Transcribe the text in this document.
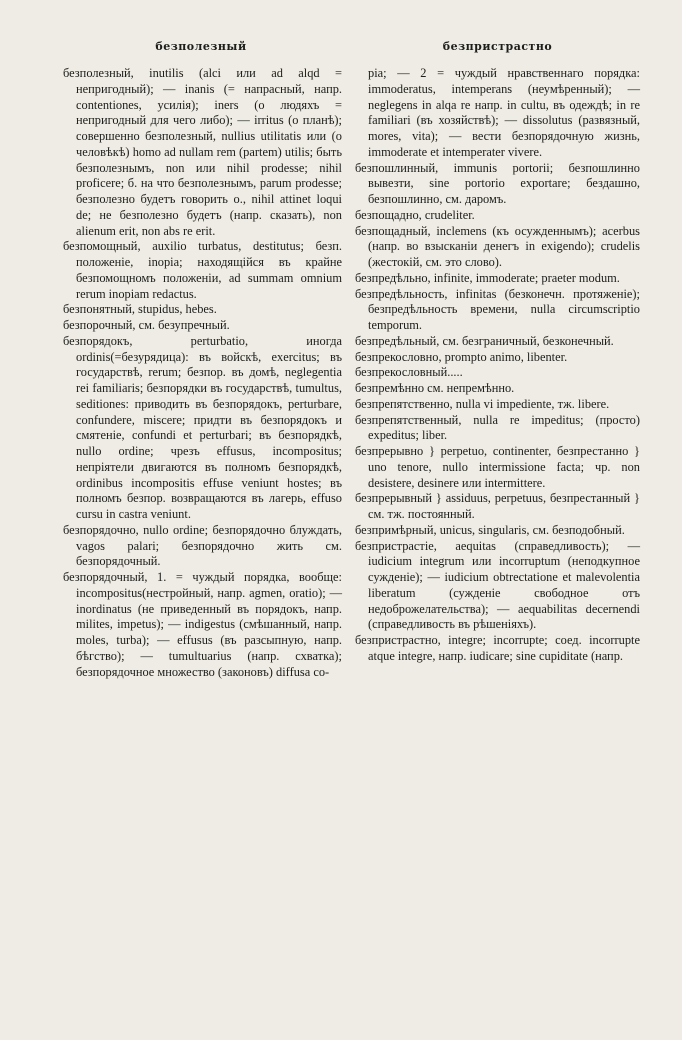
безполезный	безпристрастно

безполезный, inutilis (alci или ad alqd = непригодный); — inanis (= напрасный, напр. contentiones, усилія); iners (о людяхъ = непригодный для чего либо); — irritus (о планѣ); совершенно безполезный, nullius utilitatis или (о человѣкѣ) homo ad nullam rem (partem) utilis; быть безполезнымъ, non или nihil prodesse; nihil proficere; б. на что безполезнымъ, parum prodesse; безполезно будетъ говорить о., nihil attinet loqui de; не безполезно будетъ (напр. сказать), non alienum erit, non abs re erit.

безпомощный, auxilio turbatus, destitutus; безп. положеніе, inopia; находящійся въ крайне безпомощномъ положеніи, ad summam omnium rerum inopiam redactus.

безпонятный, stupidus, hebes.

безпорочный, см. безупречный.

безпорядокъ, perturbatio, иногда ordinis(=безурядица): въ войскѣ, exercitus; въ государствѣ, rerum; безпор. въ домѣ, neglegentia rei familiaris; безпорядки въ государствѣ, tumultus, seditiones: приводить въ безпорядокъ, perturbare, confundere, miscere; придти въ безпорядокъ и смятеніе, confundi et perturbari; въ безпорядкѣ, nullo ordine; чрезъ effusus, incompositus; непріятели двигаются въ полномъ безпорядкѣ, ordinibus incompositis effuse veniunt hostes; въ полномъ безпор. возвращаются въ лагерь, effuso cursu in castra veniunt.

безпорядочно, nullo ordine; безпорядочно блуждать, vagos palari; безпорядочно жить см. безпорядочный.

безпорядочный, 1. = чуждый порядка, вообще: incompositus(нестройный, напр. agmen, oratio); — inordinatus (не приведенный въ порядокъ, напр. milites, impetus); — indigestus (смѣшанный, напр. moles, turba); — effusus (въ разсыпную, напр. бѣгство); — tumultuarius (напр. схватка); безпорядочное множество (законовъ) diffusa co-

pia; — 2 = чуждый нравственнаго порядка: immoderatus, intemperans (неумѣренный); — neglegens in alqa re напр. in cultu, въ одеждѣ; in re familiari (въ хозяйствѣ); — dissolutus (развязный, mores, vita); — вести безпорядочную жизнь, immoderate et intemperater vivere.

безпошлинный, immunis portorii; безпошлинно вывезти, sine portorio exportare; бездашно, безпошлинно, см. даромъ.

безпощадно, crudeliter.

безпощадный, inclemens (къ осужденнымъ); acerbus (напр. во взысканіи денегъ in exigendo); crudelis (жестокій, см. это слово).

безпредѣльно, infinite, immoderate; praeter modum.

безпредѣльность, infinitas (безконечн. протяженіе); безпредѣльность времени, nulla circumscriptio temporum.

безпредѣльный, см. безграничный, безконечный.

безпрекословно, prompto animo, libenter.

безпрекословный.....

безпремѣнно см. непремѣнно.

безпрепятственно, nulla vi impediente, тж. libere.

безпрепятственный, nulla re impeditus; (просто) expeditus; liber.

безпрерывно } perpetuo, continenter, безпрестанно } uno tenore, nullo intermissione facta; чр. non desistere, desinere или intermittere.

безпрерывный } assiduus, perpetuus, безпрестанный } см. тж. постоянный.

безпримѣрный, unicus, singularis, см. безподобный.

безпристрастіе, aequitas (справедливость); — iudicium integrum или incorruptum (неподкупное сужденіе); — iudicium obtrectatione et malevolentia liberatum (сужденіе свободное отъ недоброжелательства); — aequabilitas decernendi (справедливость въ рѣшеніяхъ).

безпристрастно, integre; incorrupte; соед. incorrupte atque integre, напр. iudicare; sine cupiditate (напр.
